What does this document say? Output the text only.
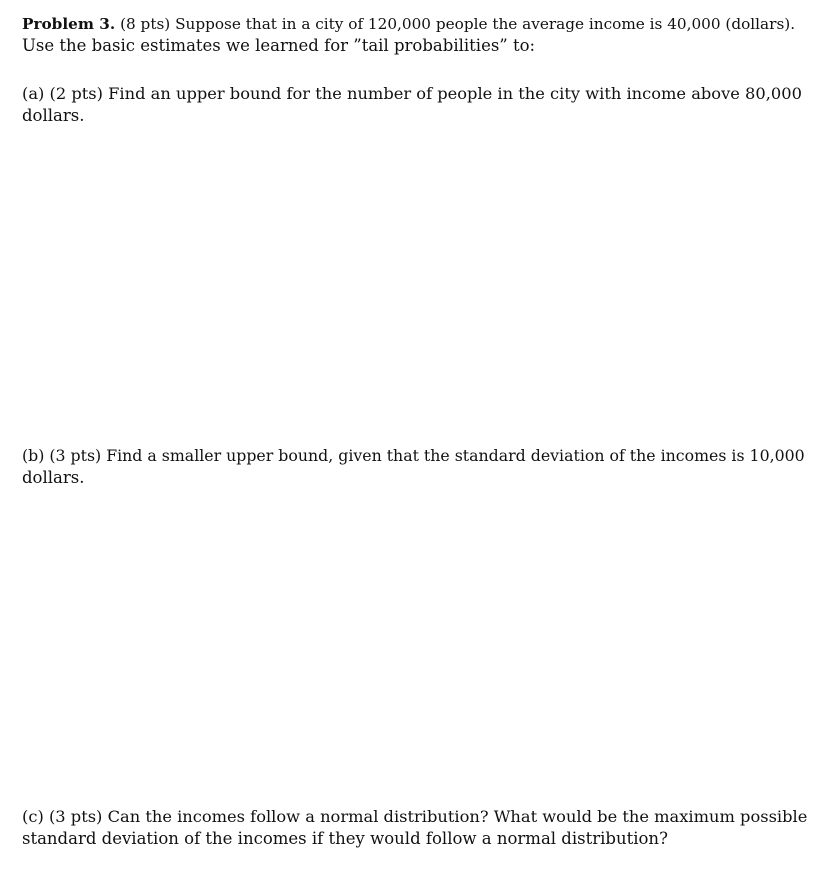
Problem 3. (8 pts) Suppose that in a city of 120,000 people the average income is 40,000 (dollars).
Use the basic estimates we learned for ”tail probabilities” to:
(a) (2 pts) Find an upper bound for the number of people in the city with income above 80,000
dollars.
(b) (3 pts) Find a smaller upper bound, given that the standard deviation of the incomes is 10,000
dollars.
(c) (3 pts) Can the incomes follow a normal distribution? What would be the maximum possible
standard deviation of the incomes if they would follow a normal distribution?
